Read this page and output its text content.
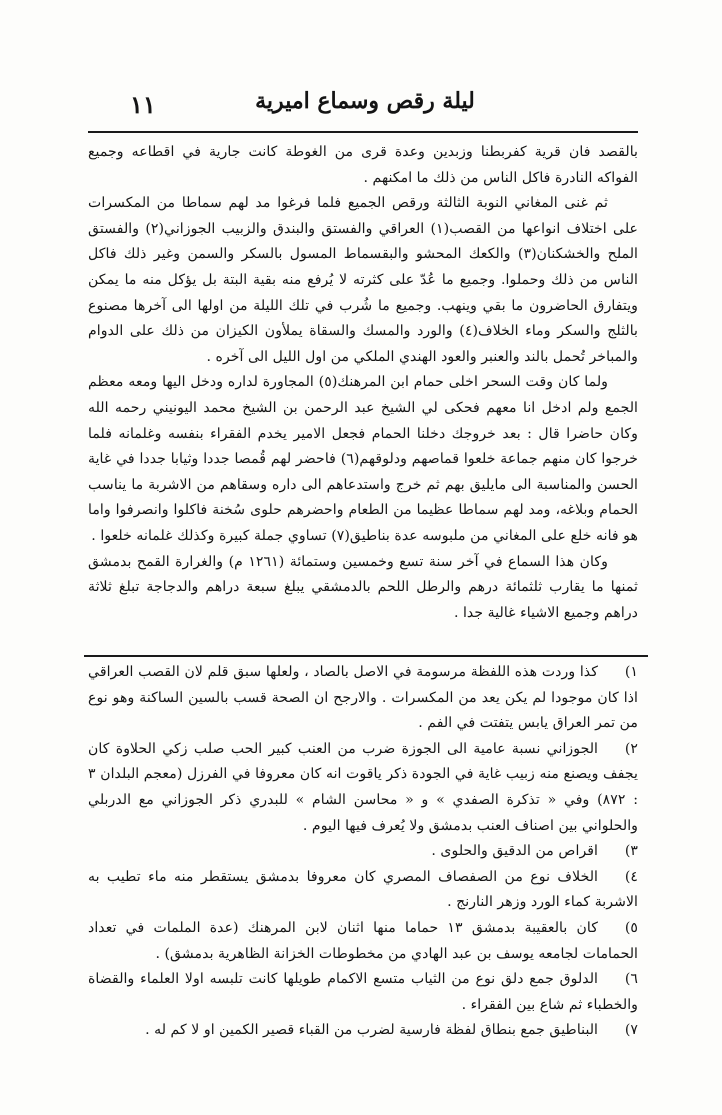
١١	ليلة رقص وسماع اميرية

بالقصد فان قرية كفربطنا وزبدين وعدة قرى من الغوطة كانت جارية في اقطاعه وجميع الفواكه النادرة فاكل الناس من ذلك ما امكنهم .

ثم غنى المغاني النوبة الثالثة ورقص الجميع فلما فرغوا مد لهم سماطا من المكسرات على اختلاف انواعها من القصب(١) العراقي والفستق والبندق والزبيب الجوزاني(٢) والفستق الملح والخشكنان(٣) والكعك المحشو والبقسماط المسول بالسكر والسمن وغير ذلك فاكل الناس من ذلك وحملوا. وجميع ما عُدّ على كثرته لا يُرفع منه بقية البتة بل يؤكل منه ما يمكن ويتفارق الحاضرون ما بقي وينهب. وجميع ما شُرب في تلك الليلة من اولها الى آخرها مصنوع بالثلج والسكر وماء الخلاف(٤) والورد والمسك والسقاة يملأون الكيزان من ذلك على الدوام والمباخر تُحمل بالند والعنبر والعود الهندي الملكي من اول الليل الى آخره .

ولما كان وقت السحر اخلى حمام ابن المرهنك(٥) المجاورة لداره ودخل اليها ومعه معظم الجمع ولم ادخل انا معهم فحكى لي الشيخ عبد الرحمن بن الشيخ محمد اليونيني رحمه الله وكان حاضرا قال : بعد خروجك دخلنا الحمام فجعل الامير يخدم الفقراء بنفسه وغلمانه فلما خرجوا كان منهم جماعة خلعوا قماصهم ودلوقهم(٦) فاحضر لهم قُمصا جددا وثيابا جددا في غاية الحسن والمناسبة الى مايليق بهم ثم خرج واستدعاهم الى داره وسقاهم من الاشربة ما يناسب الحمام وبلاغه، ومد لهم سماطا عظيما من الطعام واحضرهم حلوى سُخنة فاكلوا وانصرفوا واما هو فانه خلع على المغاني من ملبوسه عدة بناطيق(٧) تساوي جملة كبيرة وكذلك غلمانه خلعوا .

وكان هذا السماع في آخر سنة تسع وخمسين وستمائة (١٢٦١ م) والغرارة القمح بدمشق ثمنها ما يقارب ثلثمائة درهم والرطل اللحم بالدمشقي يبلغ سبعة دراهم والدجاجة تبلغ ثلاثة دراهم وجميع الاشياء غالية جدا .

١)كذا وردت هذه اللفظة مرسومة في الاصل بالصاد ، ولعلها سبق قلم لان القصب العراقي اذا كان موجودا لم يكن يعد من المكسرات . والارجح ان الصحة قسب بالسين الساكنة وهو نوع من تمر العراق يابس يتفتت في الفم .

٢)الجوزاني نسبة عامية الى الجوزة ضرب من العنب كبير الحب صلب زكي الحلاوة كان يجفف ويصنع منه زبيب غاية في الجودة ذكر ياقوت انه كان معروفا في الفرزل (معجم البلدان ٣ : ٨٧٢) وفي « تذكرة الصفدي » و « محاسن الشام » للبدري ذكر الجوزاني مع الدربلي والحلواني بين اصناف العنب بدمشق ولا يُعرف فيها اليوم .

٣)اقراص من الدقيق والحلوى .

٤)الخلاف نوع من الصفصاف المصري كان معروفا بدمشق يستقطر منه ماء تطيب به الاشربة كماء الورد وزهر النارنج .

٥)كان بالعقيبة بدمشق ١٣ حماما منها اثنان لابن المرهنك (عدة الملمات في تعداد الحمامات لجامعه يوسف بن عبد الهادي من مخطوطات الخزانة الظاهرية بدمشق) .

٦)الدلوق جمع دلق نوع من الثياب متسع الاكمام طويلها كانت تلبسه اولا العلماء والقضاة والخطباء ثم شاع بين الفقراء .

٧)البناطيق جمع بنطاق لفظة فارسية لضرب من القباء قصير الكمين او لا كم له .
